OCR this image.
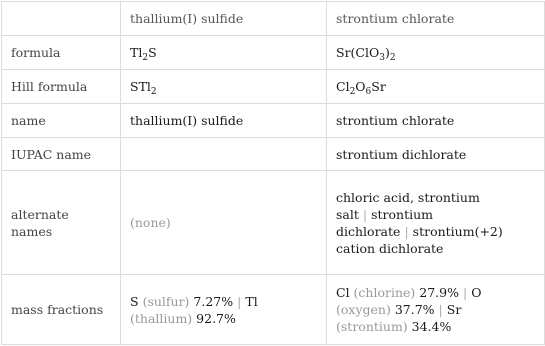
	thallium(I) sulfide	strontium chlorate
formula	$Tl_2S$	$Sr(ClO_3)_2$
Hill formula	STl$_2$	$Cl_2O_6Sr$
name	thallium(I) sulfide	strontium chlorate
IUPAC name		strontium dichlorate
alternate names	(none)	chloric acid, strontium salt | strontium dichlorate | strontium(+2) cation dichlorate
mass fractions	S (sulfur) 7.27% | Tl (thallium) 92.7%	Cl (chlorine) 27.9% | O (oxygen) 37.7% | Sr (strontium) 34.4%
